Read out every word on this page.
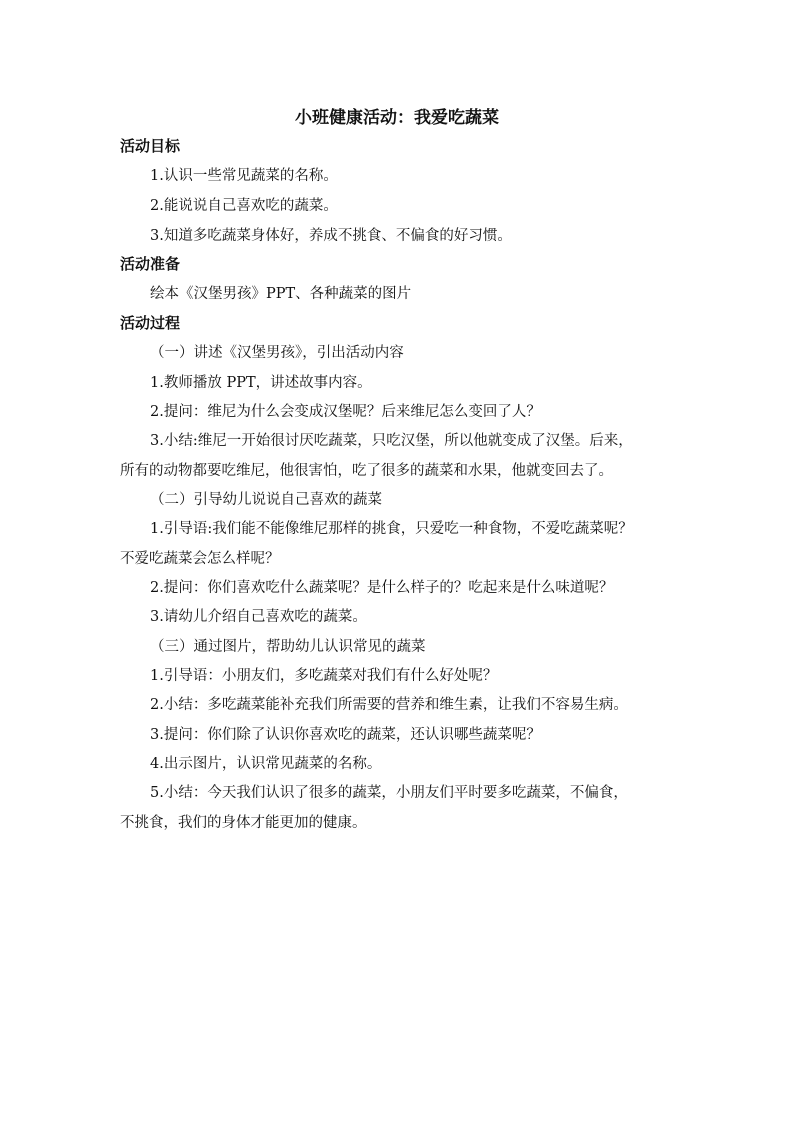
小班健康活动：我爱吃蔬菜
活动目标
1.认识一些常见蔬菜的名称。
2.能说说自己喜欢吃的蔬菜。
3.知道多吃蔬菜身体好，养成不挑食、不偏食的好习惯。
活动准备
绘本《汉堡男孩》PPT、各种蔬菜的图片
活动过程
（一）讲述《汉堡男孩》，引出活动内容
1.教师播放 PPT，讲述故事内容。
2.提问：维尼为什么会变成汉堡呢？后来维尼怎么变回了人？
3.小结:维尼一开始很讨厌吃蔬菜，只吃汉堡，所以他就变成了汉堡。后来，
所有的动物都要吃维尼，他很害怕，吃了很多的蔬菜和水果，他就变回去了。
（二）引导幼儿说说自己喜欢的蔬菜
1.引导语:我们能不能像维尼那样的挑食，只爱吃一种食物，不爱吃蔬菜呢？
不爱吃蔬菜会怎么样呢？
2.提问：你们喜欢吃什么蔬菜呢？是什么样子的？吃起来是什么味道呢？
3.请幼儿介绍自己喜欢吃的蔬菜。
（三）通过图片，帮助幼儿认识常见的蔬菜
1.引导语：小朋友们，多吃蔬菜对我们有什么好处呢？
2.小结：多吃蔬菜能补充我们所需要的营养和维生素，让我们不容易生病。
3.提问：你们除了认识你喜欢吃的蔬菜，还认识哪些蔬菜呢？
4.出示图片，认识常见蔬菜的名称。
5.小结：今天我们认识了很多的蔬菜，小朋友们平时要多吃蔬菜，不偏食，
不挑食，我们的身体才能更加的健康。
